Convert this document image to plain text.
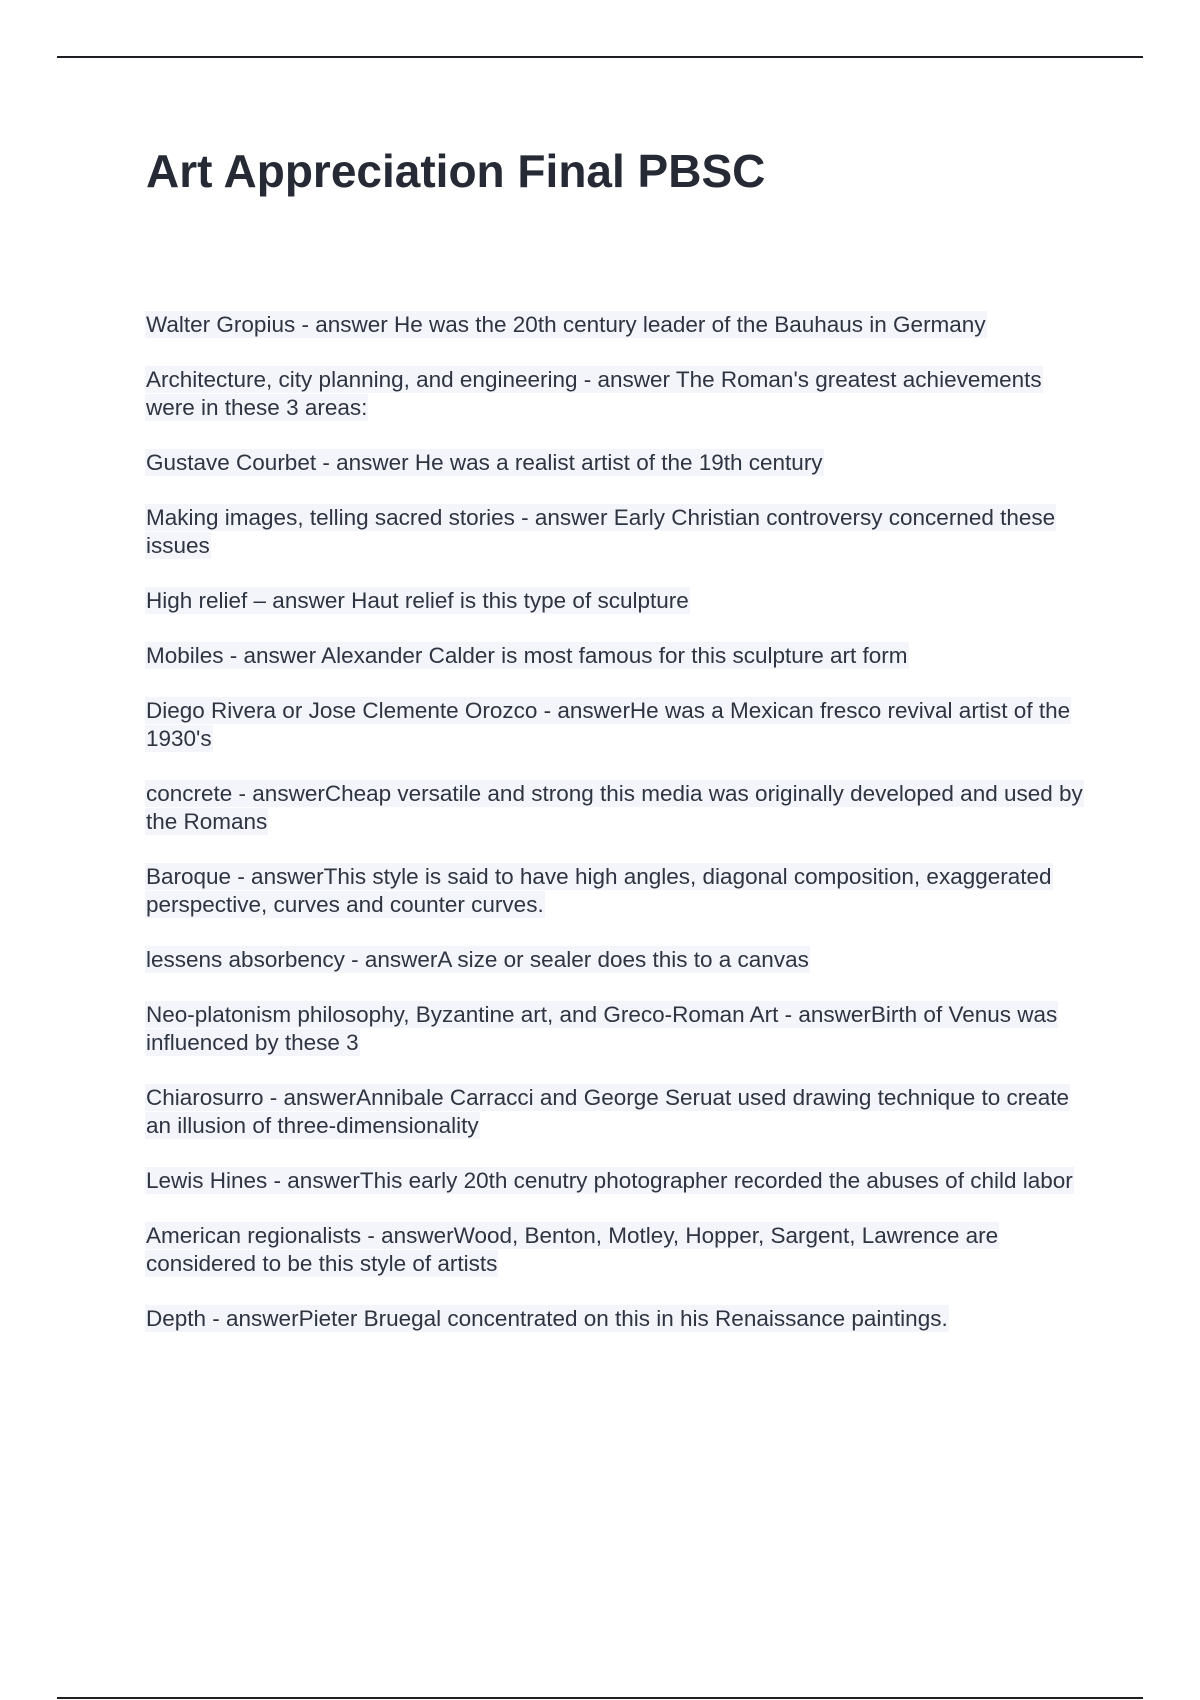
Art Appreciation Final PBSC
Walter Gropius - answer He was the 20th century leader of the Bauhaus in Germany
Architecture, city planning, and engineering - answer The Roman's greatest achievements were in these 3 areas:
Gustave Courbet - answer He was a realist artist of the 19th century
Making images, telling sacred stories - answer Early Christian controversy concerned these issues
High relief – answer Haut relief is this type of sculpture
Mobiles - answer Alexander Calder is most famous for this sculpture art form
Diego Rivera or Jose Clemente Orozco - answerHe was a Mexican fresco revival artist of the 1930's
concrete - answerCheap versatile and strong this media was originally developed and used by the Romans
Baroque - answerThis style is said to have high angles, diagonal composition, exaggerated perspective, curves and counter curves.
lessens absorbency - answerA size or sealer does this to a canvas
Neo-platonism philosophy, Byzantine art, and Greco-Roman Art - answerBirth of Venus was influenced by these 3
Chiarosurro - answerAnnibale Carracci and George Seruat used drawing technique to create an illusion of three-dimensionality
Lewis Hines - answerThis early 20th cenutry photographer recorded the abuses of child labor
American regionalists - answerWood, Benton, Motley, Hopper, Sargent, Lawrence are considered to be this style of artists
Depth - answerPieter Bruegal concentrated on this in his Renaissance paintings.
